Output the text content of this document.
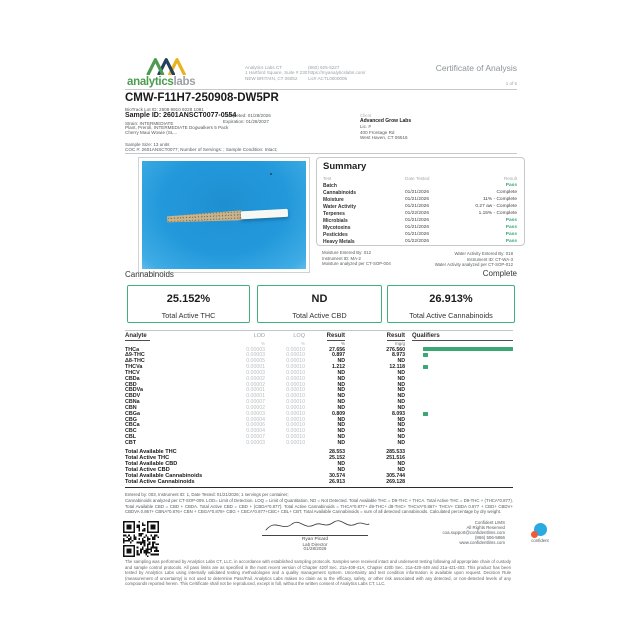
analyticslabs
Analytics Labs CT
1 Hartford Square, Suite # 230
NEW BRITAIN, CT 06052
(860) 925-5227
https://myanalyticslabs.com/
Lic# ACTL0000005
Certificate of Analysis
1 of 5
CMW-F11H7-250908-DW5PR
BioTrack Lot ID: 2508 9910 9228 1081
Sample ID: 2601ANSCT0077-0554
Completed: 01/28/2026
Expiration: 01/28/2027
Strain: INTERMEDIATE
Plant, Preroll, INTERMEDIATE Dogwalkers 5 Pack
Cherry Maui Wowie (SL...
Sample Size: 13 units
COC #: 2601ANSCT0077; Number of Servings: ; Sample Condition: Intact;
Client
Advanced Grow Labs
Lic. #
400 Frontage Rd
West Haven, CT 06516
Summary
Test	Date Tested	Result
Batch	Pass
Cannabinoids	01/21/2026	Complete
Moisture	01/21/2026	11% - Complete
Water Activity	01/21/2026	0.27 aw - Complete
Terpenes	01/22/2026	1.15% - Complete
Microbials	01/21/2026	Pass
Mycotoxins	01/21/2026	Pass
Pesticides	01/21/2026	Pass
Heavy Metals	01/22/2026	Pass
Moisture Entered By: 012
Instrument ID: MA-2
Moisture analyzed per CT-SOP-004
Water Activity Entered By: 018
Instrument ID: CT-WA-3
Water Activity analyzed per CT-SOP-012
Complete
Cannabinoids
25.152%
Total Active THC
ND
Total Active CBD
26.913%
Total Active Cannabinoids
Analyte	LOD	LOQ	Result	Result Qualifiers
%	%	%	mg/g
THCa	0.00003	0.00010	27.656	276.560
Δ9-THC	0.00003	0.00010	0.897	8.973
Δ8-THC	0.00005	0.00010	ND	ND
THCVa	0.00001	0.00010	1.212	12.118
THCV	0.00003	0.00010	ND	ND
CBDa	0.00002	0.00010	ND	ND
CBD	0.00002	0.00010	ND	ND
CBDVa	0.00001	0.00010	ND	ND
CBDV	0.00001	0.00010	ND	ND
CBNa	0.00007	0.00010	ND	ND
CBN	0.00002	0.00010	ND	ND
CBGa	0.00003	0.00010	0.809	8.093
CBG	0.00004	0.00010	ND	ND
CBCa	0.00006	0.00010	ND	ND
CBC	0.00004	0.00010	ND	ND
CBL	0.00007	0.00010	ND	ND
CBT	0.00003	0.00010	ND	ND
Total Available THC	28.553	285.533
Total Active THC	25.152	251.516
Total Available CBD	ND	ND
Total Active CBD	ND	ND
Total Available Cannabinoids	30.574	305.744
Total Active Cannabinoids	26.913	269.128
Entered by: 003, Instrument ID: 1, Date Tested: 01/21/2026; 1 servings per container;
Cannabinoids analyzed per CT-SOP-009. LOD= Limit of Detection. LOQ = Limit of Quantitation. ND = Not Detected. Total Available THC = D9-THC + THCA. Total Active THC = D9-THC + (THCA*0.877). Total Available CBD = CBD + CBDA. Total Active CBD = CBD + (CBDA*0.877). Total Active Cannabinoids = THCA*0.877+ d9-THC+ d8-THC+ THCVA*0.867+ THCV+ CBDA 0.877 + CBD+ CBDV+ CBDVA 0.867+ CBNA*0.876+ CBN + CBGA*0.878+ CBG + CBCA*0.877+CBC+ CBL+ CBT. Total Available Cannabinoids = sum of all detected cannabinoids. Calculated percentage by dry weight.
Ryan Picard
Lab Director
01/28/2026
Confident LIMS
All Rights Reserved
coa.support@confidentlims.com
(866) 506-5866
www.confidentlims.com	confident
The sampling was performed by Analytics Labs CT, LLC. in accordance with established sampling protocols. Samples were received intact and underwent testing following all appropriate chain of custody and sample control protocols. All pass limits are as specified in the most recent version of Chapter 420f Sec. 21a-408-41A, Chapter 420b Sec. 21a-420-449 and 21a-421-403. This product has been tested by Analytics Labs using internally validated testing methodologies and a quality management system. Uncertainty and test condition information is available upon request. Decision Rule (measurement of uncertainty) is not used to determine Pass/Fail. Analytics Labs makes no claim as to the efficacy, safety, or other risk associated with any detected, or non-detected levels of any compounds reported herein. This Certificate shall not be reproduced, except in full, without the written consent of Analytics Labs CT, LLC.
